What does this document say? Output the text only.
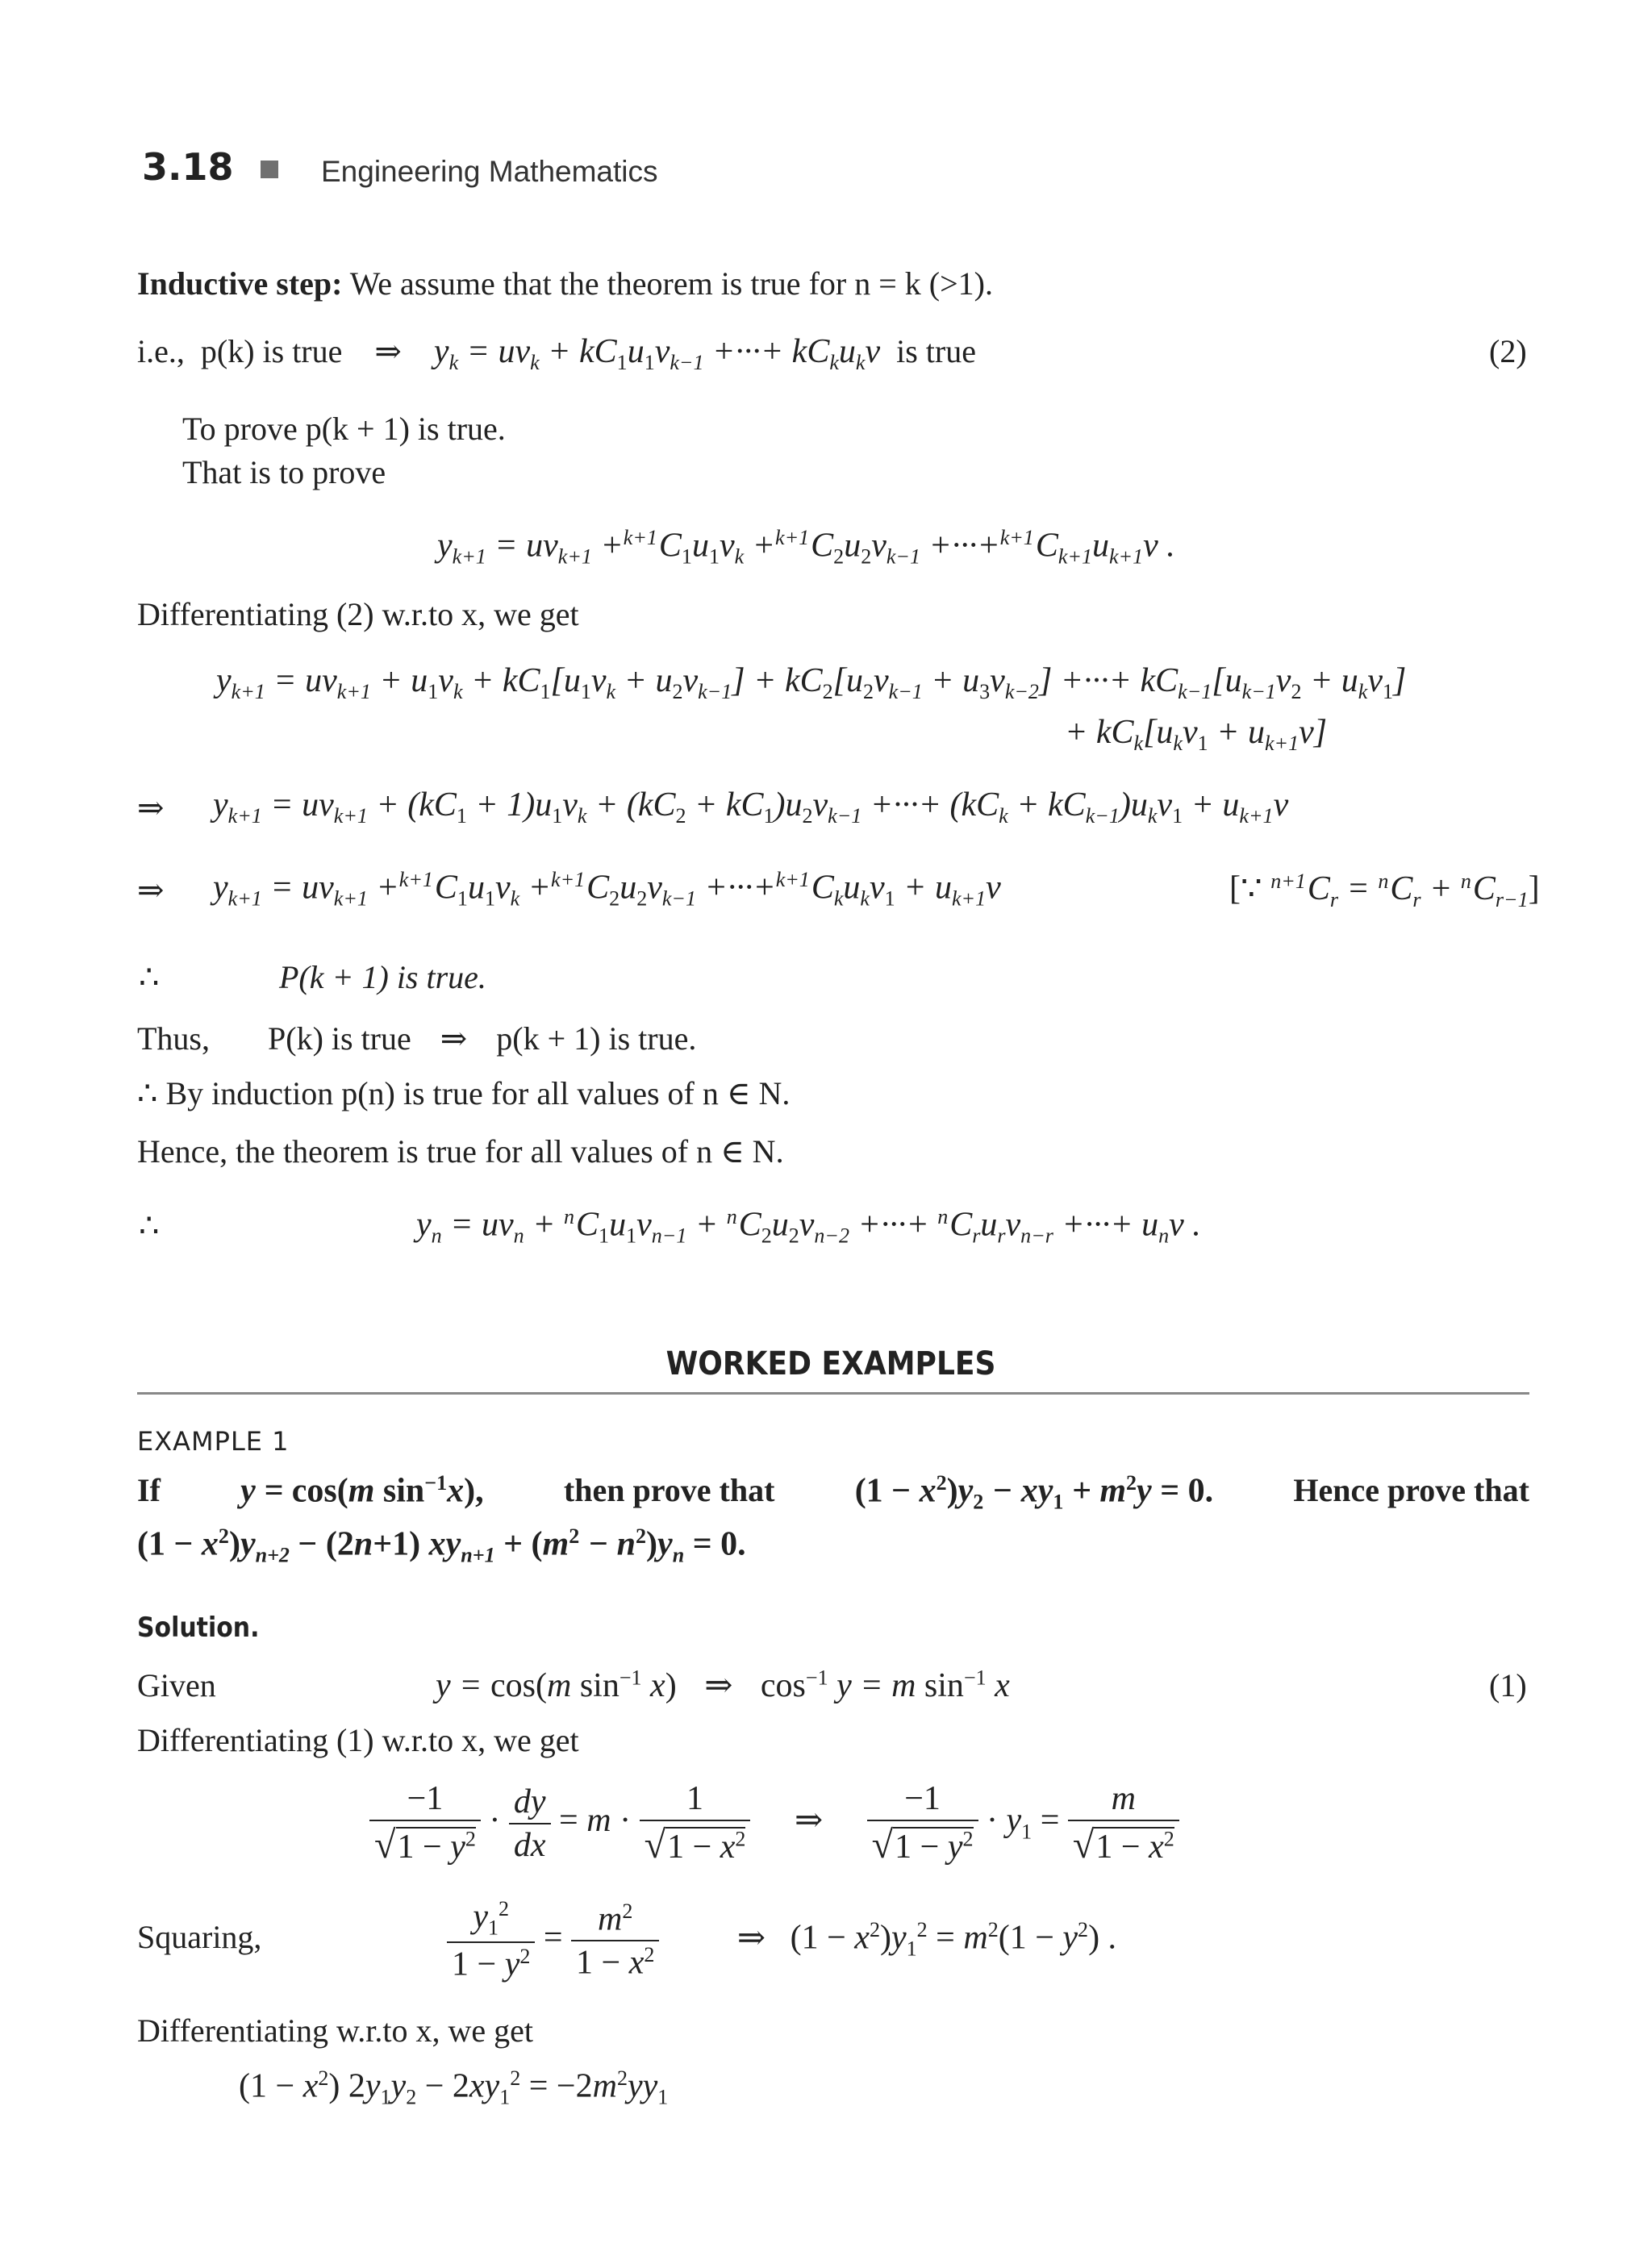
3.18	Engineering Mathematics
Inductive step: We assume that the theorem is true for n = k (>1).
i.e., p(k) is true ⇒ $y_k = uv_k + kC_1u_1v_{k-1}$ +···+ $kC_ku_kv$ is true	(2)
To prove p(k + 1) is true.
That is to prove
$y_{k+1} = uv_{k+1} +^{k+1}C_1u_1v_k +^{k+1}C_2u_2v_{k-1} +\cdot\cdot\cdot+^{k+1}C_{k+1}u_{k+1}v$ .
Differentiating (2) w.r.to x, we get
$y_{k+1} = uv_{k+1} + u_1v_k + kC_1[u_1v_k + u_2v_{k-1}] + kC_2[u_2v_{k-1} + u_3v_{k-2}]$ +···+ $kC_{k-1}[u_{k-1}v_2 + u_kv_1]$
+ $kC_k[u_kv_1 + u_{k+1}v]$
⇒ $y_{k+1} = uv_{k+1} + (kC_1 + 1)u_1v_k + (kC_2 + kC_1)u_2v_{k-1}$ +···+ $(kC_k + kC_{k-1})u_kv_1 + u_{k+1}v$
⇒ $y_{k+1} = uv_{k+1} +^{k+1}C_1u_1v_k +^{k+1}C_2u_2v_{k-1} +\cdot\cdot\cdot+^{k+1}C_ku_kv_1 + u_{k+1}v$	[∵ $^{n+1}C_r = ^nC_r + ^nC_{r-1}$]
∴	P(k + 1) is true.
Thus, P(k) is true ⇒ p(k + 1) is true.
∴ By induction p(n) is true for all values of n ∈ N.
Hence, the theorem is true for all values of n ∈ N.
∴	$y_n = uv_n + ^nC_1u_1v_{n-1} + ^nC_2u_2v_{n-2}$ +···+ $^nC_ru_rv_{n-r}$ +···+ $u_nv$ .
WORKED EXAMPLES
EXAMPLE 1
If y = cos(m $\sin^{-1}x$), then prove that $(1 - x^2)y_2 - xy_1 + m^2y = 0$. Hence prove that
$(1 - x^2)y_{n+2} - (2n+1)$ $xy_{n+1} + (m^2 - n^2)y_n = 0$.
Solution.
Given	y = cos(m $\sin^{-1} x$) ⇒ $\cos^{-1} y = m$ $\sin^{-1} x$	(1)
Differentiating (1) w.r.to x, we get
$\frac{-1}{√1 - y^2} \cdot \frac{dy}{dx} = m \cdot \frac{1}{√1 - x^2}$ ⇒ $\frac{-1}{√1 - y^2} \cdot y_1 = \frac{m}{√1 - x^2}$
Squaring,	$\frac{y_1^2}{1 - y^2} = \frac{m^2}{1 - x^2}$ ⇒ $(1 - x^2)y_1^2 = m^2(1 - y^2)$ .
Differentiating w.r.to x, we get
$(1 - x^2)$ $2y_1y_2 - 2xy_1^2 = -2m^2yy_1$
